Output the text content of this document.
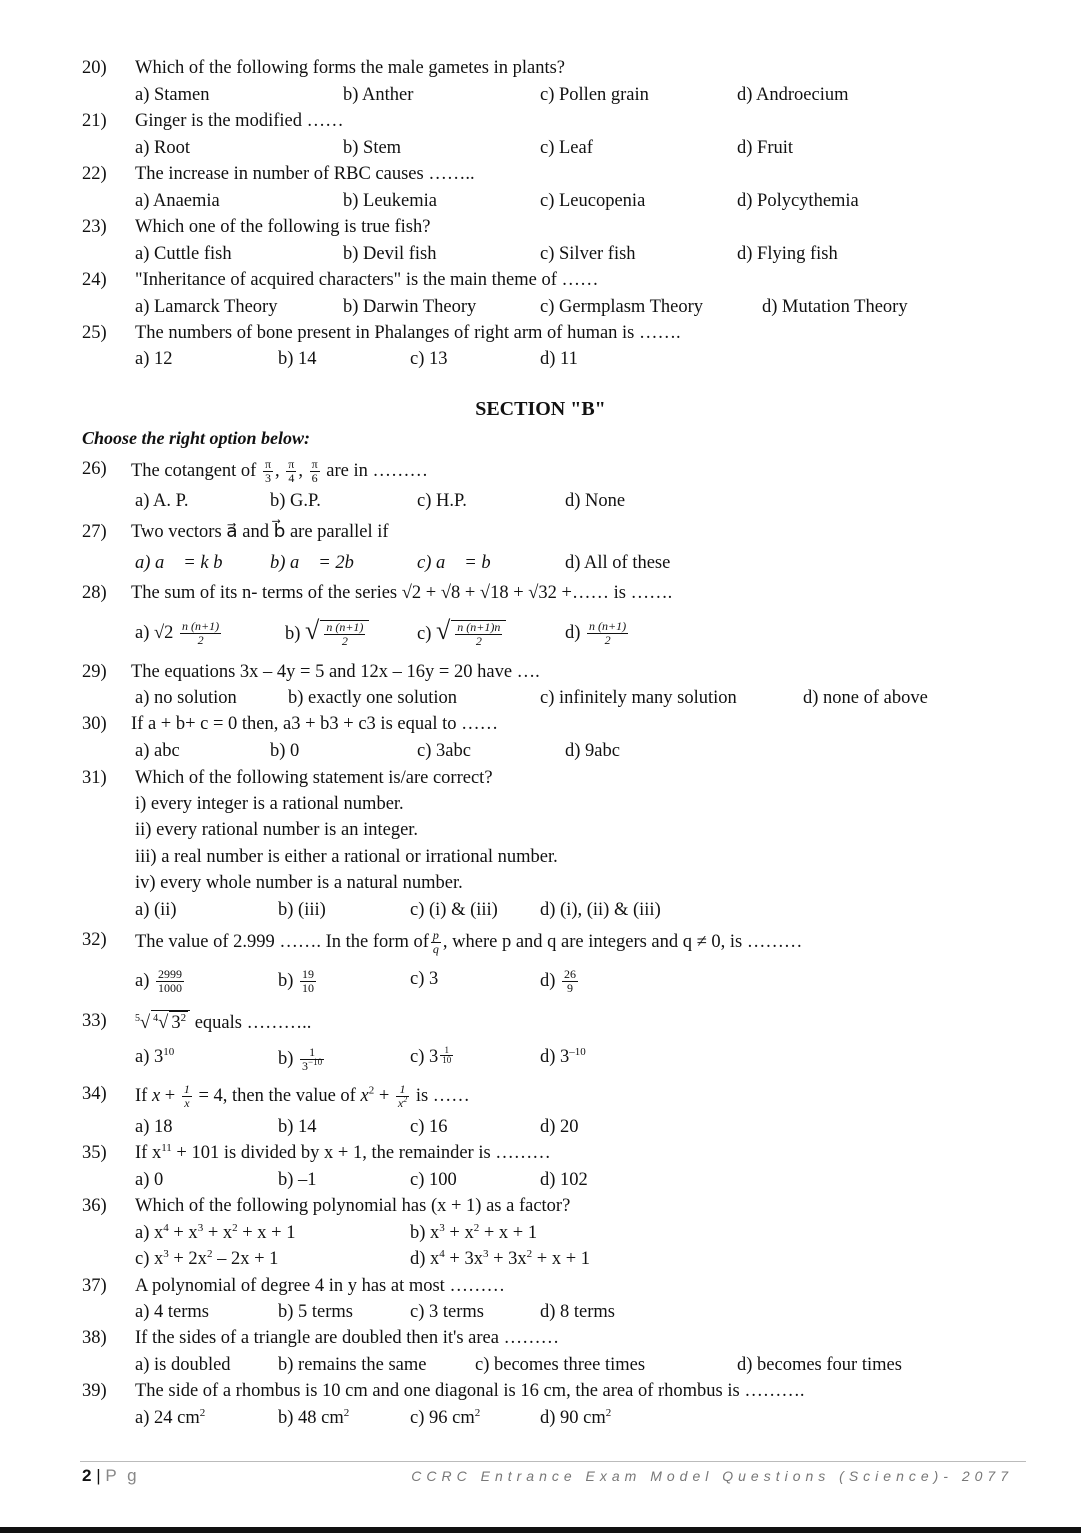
20) Which of the following forms the male gametes in plants?
a) Stamen	b) Anther	c) Pollen grain	d) Androecium
21) Ginger is the modified ……
a) Root	b) Stem	c) Leaf	d) Fruit
22) The increase in number of RBC causes ……..
a) Anaemia	b) Leukemia	c) Leucopenia	d) Polycythemia
23) Which one of the following is true fish?
a) Cuttle fish	b) Devil fish	c) Silver fish	d) Flying fish
24) "Inheritance of acquired characters" is the main theme of ……
a) Lamarck Theory	b) Darwin Theory	c) Germplasm Theory	d) Mutation Theory
25) The numbers of bone present in Phalanges of right arm of human is …….
a) 12	b) 14	c) 13	d) 11
SECTION "B"
Choose the right option below:
26) The cotangent of $\frac{\pi}{3}$ , $\frac{\pi}{4}$ , $\frac{\pi}{6}$ are in ………
a) A. P.	b) G.P.	c) H.P.	d) None
27) Two vectors a⃗ and b⃗ are parallel if
a) a⃗ = k b⃗ b) a⃗ = 2b⃗	c) a⃗ = b⃗	d) All of these
28) The sum of its n- terms of the series √2 + √8 + √18 + √32 +…… is …….
a) $√2 \frac{n (n+1)}{2}$	b) √ $\frac{n (n+1)}{2}$	c) √ $\frac{n (n+1)n}{2}$	$d) \frac{n (n+1)}{2}$
29) The equations 3x – 4y = 5 and 12x – 16y = 20 have ….
a) no solution	b) exactly one solution	c) infinitely many solution	d) none of above
30) If a + b+ c = 0 then, a3 + b3 + c3 is equal to ……
a) abc	b) 0	c) 3abc	d) 9abc
31) Which of the following statement is/are correct?
i) every integer is a rational number.
ii) every rational number is an integer.
iii) a real number is either a rational or irrational number.
iv) every whole number is a natural number.
a) (ii)	b) (iii)	c) (i) & (iii) d) (i), (ii) & (iii)
32) The value of 2.999 ……. In the form of $\frac{p}{q}$ , where p and q are integers and q ≠ 0, is ………
$a) \frac{2999}{1000}$	$b) \frac{19}{10}$	c) 3	$d) \frac{26}{9}$
33)	$^5$√ $^4$√ $3^2$ equals ………..
a) $3^{10}$	$b) \frac{1}{3^{-10}}$	c) $3 \frac{1}{10}$	d) $3^{-10}$
34) If $x + \frac{1}{x} = 4$, then the value of $x^2 + \frac{1}{x^2}$ is ……
a) 18	b) 14	c) 16	d) 20
35) If $x^{11} + 101$ is divided by x + 1, the remainder is ………
a) 0	b) –1	c) 100	d) 102
36) Which of the following polynomial has (x + 1) as a factor?
a) $x^4 + x^3 + x^2 + x + 1$	b) $x^3 + x^2 + x + 1$
c) $x^3 + 2x^2 - 2x + 1$	d) $x^4 + 3x^3 + 3x^2 + x + 1$
37) A polynomial of degree 4 in y has at most ………
a) 4 terms	b) 5 terms	c) 3 terms	d) 8 terms
38) If the sides of a triangle are doubled then it's area ………
a) is doubled	b) remains the same	c) becomes three times	d) becomes four times
39) The side of a rhombus is 10 cm and one diagonal is 16 cm, the area of rhombus is ……….
a) 24 $cm^2$	b) 48 $cm^2$	c) 96 $cm^2$	d) 90 $cm^2$
2 | P g	CCRC Entrance Exam Model Questions (Science)- 2077
